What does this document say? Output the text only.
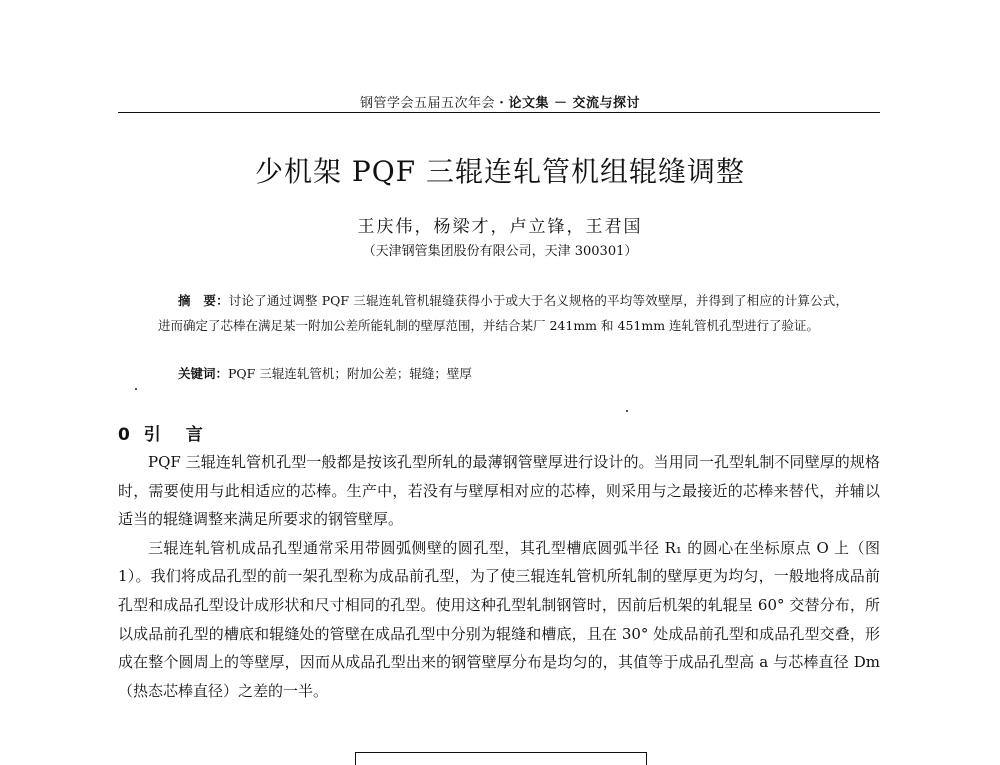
钢管学会五届五次年会・论文集 － 交流与探讨
少机架 PQF 三辊连轧管机组辊缝调整
王庆伟，杨梁才，卢立锋，王君国
（天津钢管集团股份有限公司，天津 300301）
摘　要：讨论了通过调整 PQF 三辊连轧管机辊缝获得小于或大于名义规格的平均等效壁厚，并得到了相应的计算公式，进而确定了芯棒在满足某一附加公差所能轧制的壁厚范围，并结合某厂 241mm 和 451mm 连轧管机孔型进行了验证。
关键词：PQF 三辊连轧管机；附加公差；辊缝；壁厚
0 引　言

PQF 三辊连轧管机孔型一般都是按该孔型所轧的最薄钢管壁厚进行设计的。当用同一孔型轧制不同壁厚的规格时，需要使用与此相适应的芯棒。生产中，若没有与壁厚相对应的芯棒，则采用与之最接近的芯棒来替代，并辅以适当的辊缝调整来满足所要求的钢管壁厚。

三辊连轧管机成品孔型通常采用带圆弧侧壁的圆孔型，其孔型槽底圆弧半径 R₁ 的圆心在坐标原点 O 上（图 1）。我们将成品孔型的前一架孔型称为成品前孔型，为了使三辊连轧管机所轧制的壁厚更为均匀，一般地将成品前孔型和成品孔型设计成形状和尺寸相同的孔型。使用这种孔型轧制钢管时，因前后机架的轧辊呈 60° 交替分布，所以成品前孔型的槽底和辊缝处的管壁在成品孔型中分别为辊缝和槽底，且在 30° 处成品前孔型和成品孔型交叠，形成在整个圆周上的等壁厚，因而从成品孔型出来的钢管壁厚分布是均匀的，其值等于成品孔型高 a 与芯棒直径 Dm（热态芯棒直径）之差的一半。
